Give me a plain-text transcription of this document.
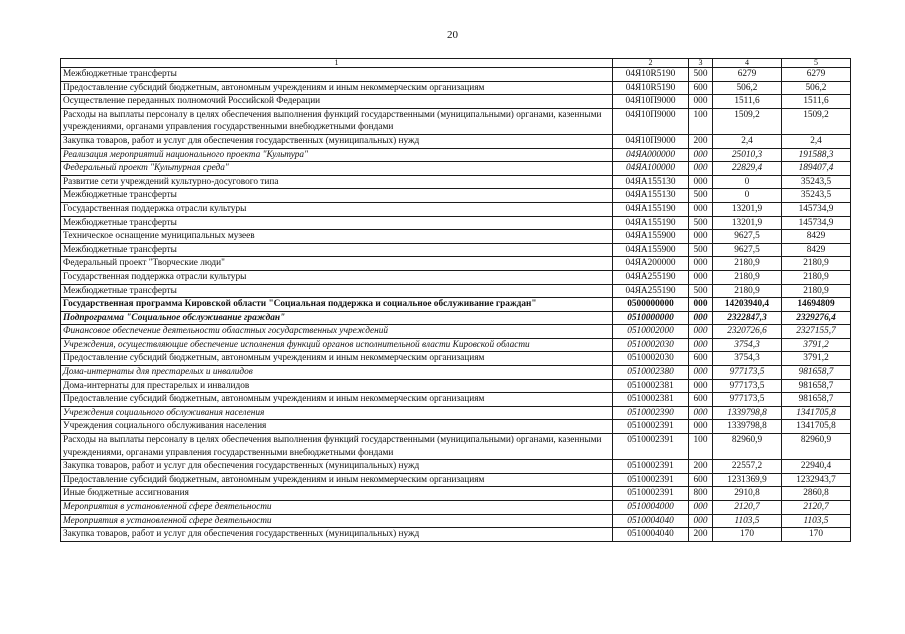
20
1	2	3	4	5
Межбюджетные трансферты	04Я10R5190	500	6279	6279
Предоставление субсидий бюджетным, автономным учреждениям и иным некоммерческим организациям	04Я10R5190	600	506,2	506,2
Осуществление переданных полномочий Российской Федерации	04Я10П9000	000	1511,6	1511,6
Расходы на выплаты персоналу в целях обеспечения выполнения функций государственными (муниципальными) органами, казенными учреждениями, органами управления государственными внебюджетными фондами	04Я10П9000	100	1509,2	1509,2
Закупка товаров, работ и услуг для обеспечения государственных (муниципальных) нужд	04Я10П9000	200	2,4	2,4
Реализация мероприятий национального проекта "Культура"	04ЯА000000	000	25010,3	191588,3
Федеральный проект "Культурная среда"	04ЯА100000	000	22829,4	189407,4
Развитие сети учреждений культурно-досугового типа	04ЯА155130	000	0	35243,5
Межбюджетные трансферты	04ЯА155130	500	0	35243,5
Государственная поддержка отрасли культуры	04ЯА155190	000	13201,9	145734,9
Межбюджетные трансферты	04ЯА155190	500	13201,9	145734,9
Техническое оснащение муниципальных музеев	04ЯА155900	000	9627,5	8429
Межбюджетные трансферты	04ЯА155900	500	9627,5	8429
Федеральный проект "Творческие люди"	04ЯА200000	000	2180,9	2180,9
Государственная поддержка отрасли культуры	04ЯА255190	000	2180,9	2180,9
Межбюджетные трансферты	04ЯА255190	500	2180,9	2180,9
Государственная программа Кировской области "Социальная поддержка и социальное обслуживание граждан"	0500000000	000	14203940,4	14694809
Подпрограмма "Социальное обслуживание граждан"	0510000000	000	2322847,3	2329276,4
Финансовое обеспечение деятельности областных государственных учреждений	0510002000	000	2320726,6	2327155,7
Учреждения, осуществляющие обеспечение исполнения функций органов исполнительной власти Кировской области	0510002030	000	3754,3	3791,2
Предоставление субсидий бюджетным, автономным учреждениям и иным некоммерческим организациям	0510002030	600	3754,3	3791,2
Дома-интернаты для престарелых и инвалидов	0510002380	000	977173,5	981658,7
Дома-интернаты для престарелых и инвалидов	0510002381	000	977173,5	981658,7
Предоставление субсидий бюджетным, автономным учреждениям и иным некоммерческим организациям	0510002381	600	977173,5	981658,7
Учреждения социального обслуживания населения	0510002390	000	1339798,8	1341705,8
Учреждения социального обслуживания населения	0510002391	000	1339798,8	1341705,8
Расходы на выплаты персоналу в целях обеспечения выполнения функций государственными (муниципальными) органами, казенными учреждениями, органами управления государственными внебюджетными фондами	0510002391	100	82960,9	82960,9
Закупка товаров, работ и услуг для обеспечения государственных (муниципальных) нужд	0510002391	200	22557,2	22940,4
Предоставление субсидий бюджетным, автономным учреждениям и иным некоммерческим организациям	0510002391	600	1231369,9	1232943,7
Иные бюджетные ассигнования	0510002391	800	2910,8	2860,8
Мероприятия в установленной сфере деятельности	0510004000	000	2120,7	2120,7
Мероприятия в установленной сфере деятельности	0510004040	000	1103,5	1103,5
Закупка товаров, работ и услуг для обеспечения государственных (муниципальных) нужд	0510004040	200	170	170
